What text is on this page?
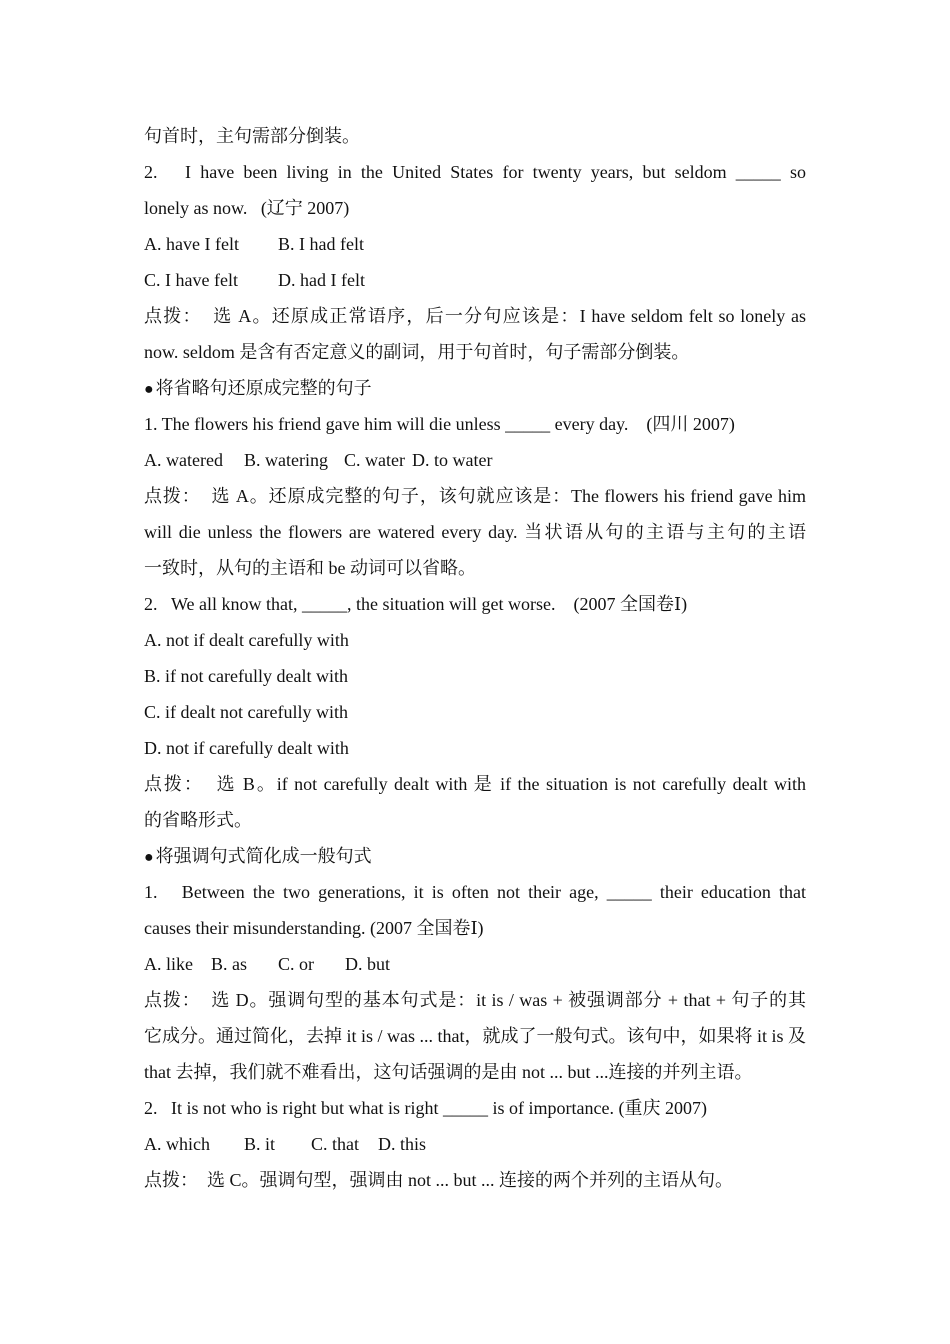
句首时，主句需部分倒装。
2.   I have been living in the United States for twenty years, but seldom _____ so
lonely as now.   (辽宁 2007)
A. have I felt B. I had felt
C. I have felt D. had I felt
点拨：  选 A。还原成正常语序，后一分句应该是：I have seldom felt so lonely as
now. seldom 是含有否定意义的副词，用于句首时，句子需部分倒装。
● 将省略句还原成完整的句子
1. The flowers his friend gave him will die unless _____ every day.    (四川 2007)
A. watered B. watering C. water D. to water
点拨：  选 A。还原成完整的句子，该句就应该是：The flowers his friend gave him
will die unless the flowers are watered every day. 当状语从句的主语与主句的主语
一致时，从句的主语和 be 动词可以省略。
2.   We all know that, _____, the situation will get worse.    (2007 全国卷Ⅰ)
A. not if dealt carefully with
B. if not carefully dealt with
C. if dealt not carefully with
D. not if carefully dealt with
点拨：  选 B。if not carefully dealt with 是 if the situation is not carefully dealt with
的省略形式。
● 将强调句式简化成一般句式
1.   Between the two generations, it is often not their age, _____ their education that
causes their misunderstanding. (2007 全国卷Ⅰ)
A. like B. as C. or D. but
点拨：  选 D。强调句型的基本句式是：it is / was + 被强调部分 + that + 句子的其
它成分。通过简化，去掉 it is / was ... that，就成了一般句式。该句中，如果将 it is 及
that 去掉，我们就不难看出，这句话强调的是由 not ... but ...连接的并列主语。
2.   It is not who is right but what is right _____ is of importance. (重庆 2007)
A. which B. it C. that D. this
点拨：  选 C。强调句型，强调由 not ... but ... 连接的两个并列的主语从句。
